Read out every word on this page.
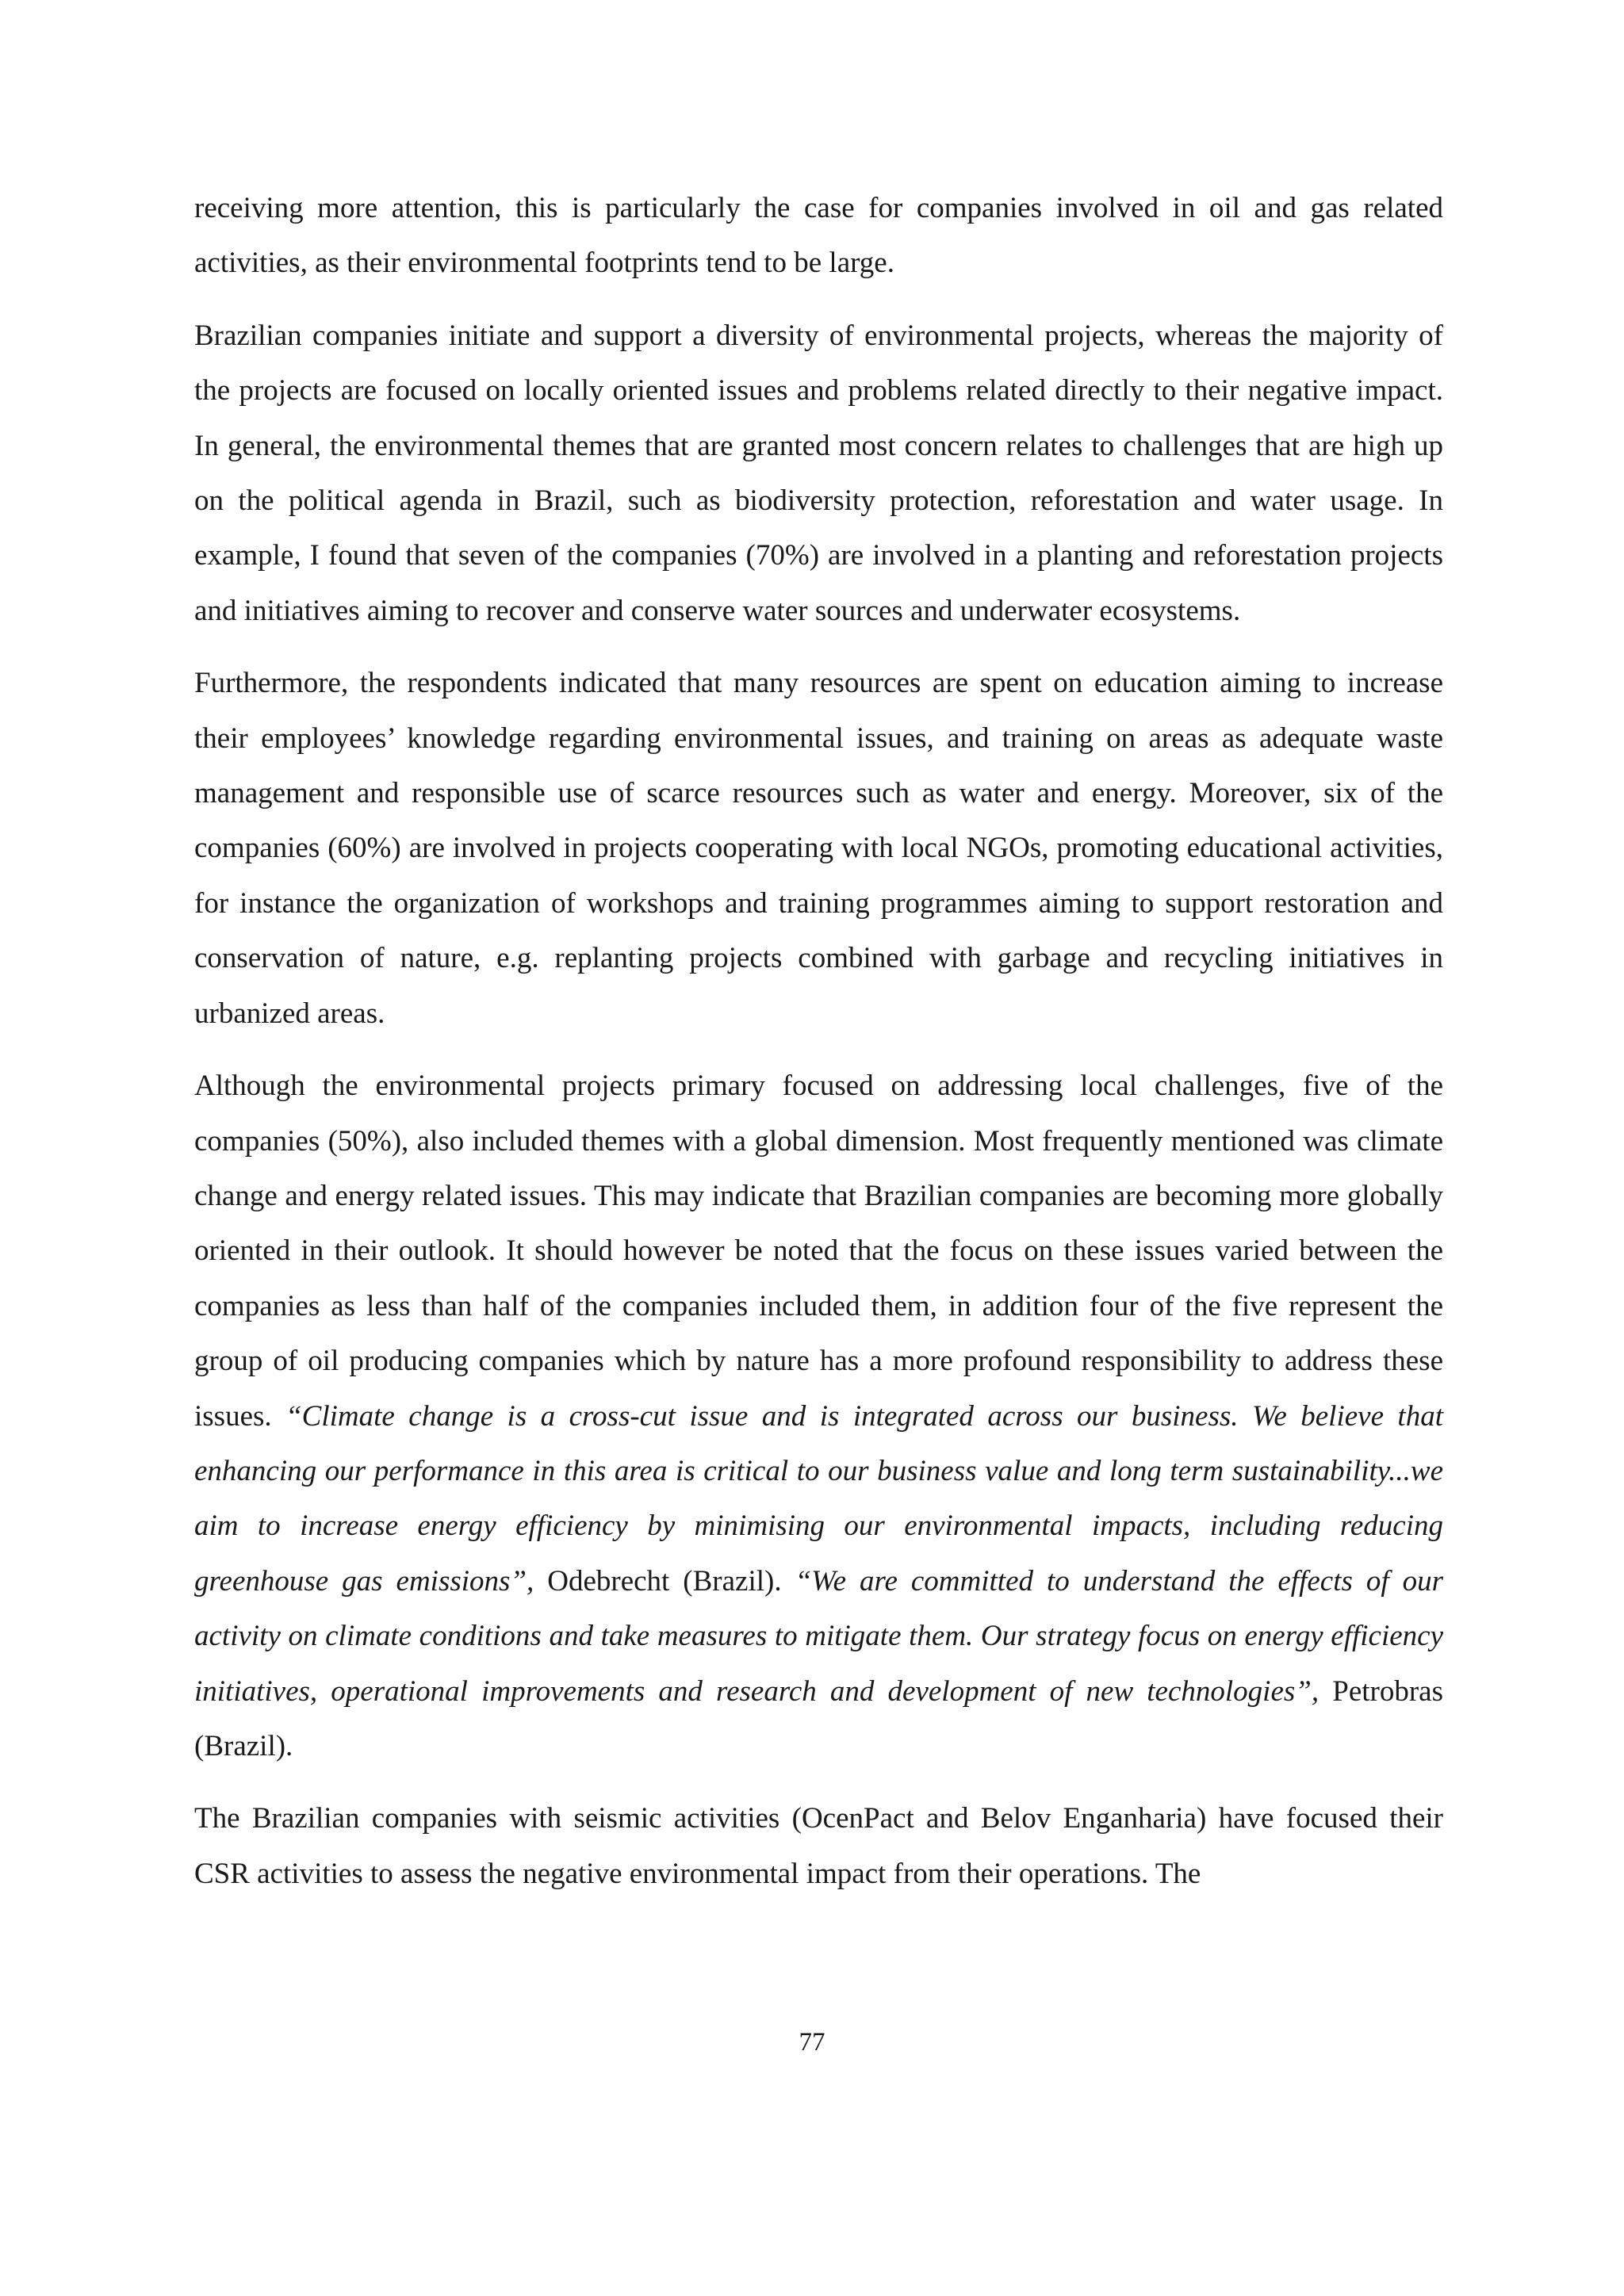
receiving more attention, this is particularly the case for companies involved in oil and gas related activities, as their environmental footprints tend to be large.

Brazilian companies initiate and support a diversity of environmental projects, whereas the majority of the projects are focused on locally oriented issues and problems related directly to their negative impact. In general, the environmental themes that are granted most concern relates to challenges that are high up on the political agenda in Brazil, such as biodiversity protection, reforestation and water usage. In example, I found that seven of the companies (70%) are involved in a planting and reforestation projects and initiatives aiming to recover and conserve water sources and underwater ecosystems.

Furthermore, the respondents indicated that many resources are spent on education aiming to increase their employees’ knowledge regarding environmental issues, and training on areas as adequate waste management and responsible use of scarce resources such as water and energy. Moreover, six of the companies (60%) are involved in projects cooperating with local NGOs, promoting educational activities, for instance the organization of workshops and training programmes aiming to support restoration and conservation of nature, e.g. replanting projects combined with garbage and recycling initiatives in urbanized areas.

Although the environmental projects primary focused on addressing local challenges, five of the companies (50%), also included themes with a global dimension. Most frequently mentioned was climate change and energy related issues. This may indicate that Brazilian companies are becoming more globally oriented in their outlook. It should however be noted that the focus on these issues varied between the companies as less than half of the companies included them, in addition four of the five represent the group of oil producing companies which by nature has a more profound responsibility to address these issues. “Climate change is a cross-cut issue and is integrated across our business. We believe that enhancing our performance in this area is critical to our business value and long term sustainability...we aim to increase energy efficiency by minimising our environmental impacts, including reducing greenhouse gas emissions”, Odebrecht (Brazil). “We are committed to understand the effects of our activity on climate conditions and take measures to mitigate them. Our strategy focus on energy efficiency initiatives, operational improvements and research and development of new technologies”, Petrobras (Brazil).

The Brazilian companies with seismic activities (OcenPact and Belov Enganharia) have focused their CSR activities to assess the negative environmental impact from their operations. The

77
